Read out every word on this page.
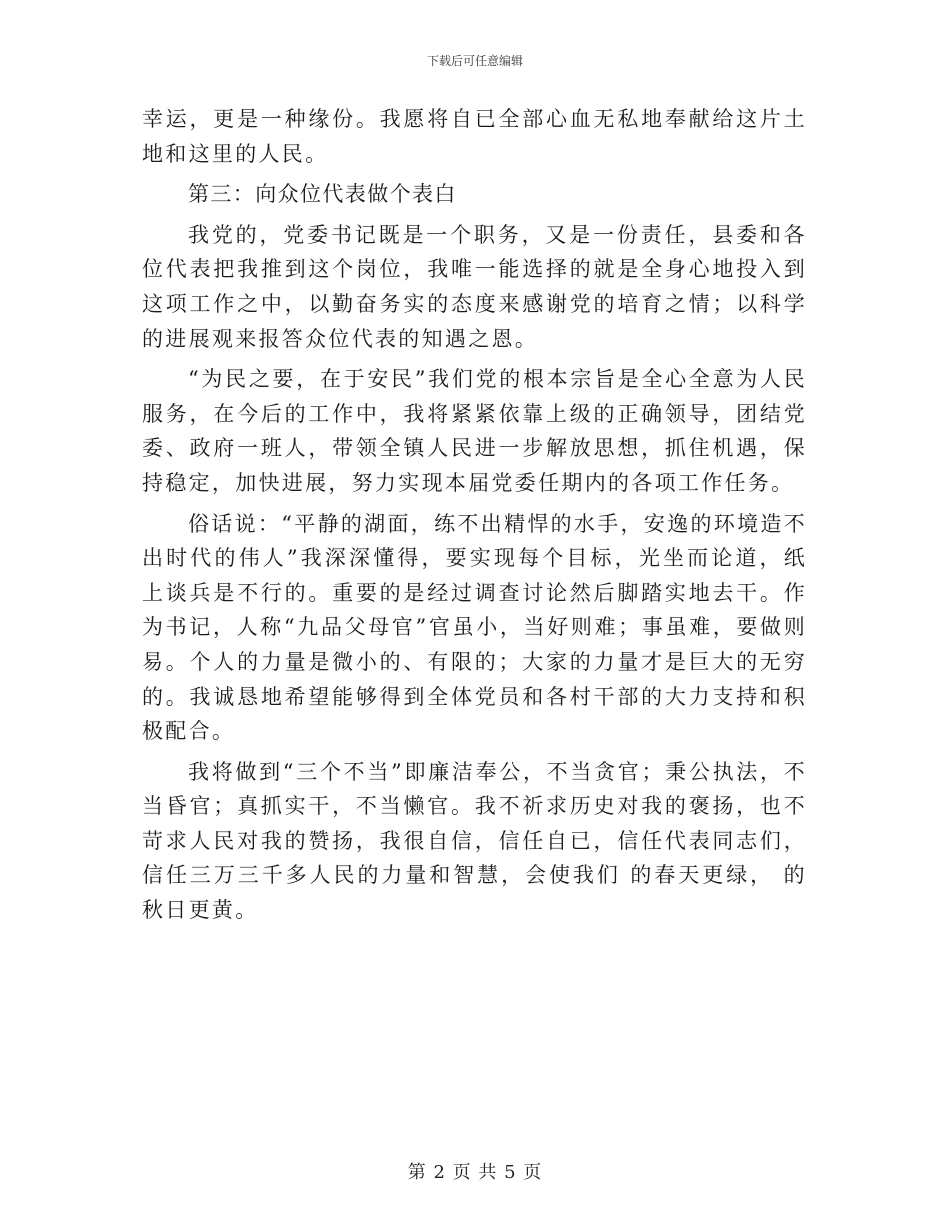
下载后可任意编辑

幸运，更是一种缘份。我愿将自已全部心血无私地奉献给这片土地和这里的人民。

第三：向众位代表做个表白

我党的，党委书记既是一个职务，又是一份责任，县委和各位代表把我推到这个岗位，我唯一能选择的就是全身心地投入到这项工作之中，以勤奋务实的态度来感谢党的培育之情；以科学的进展观来报答众位代表的知遇之恩。

“为民之要，在于安民”我们党的根本宗旨是全心全意为人民服务，在今后的工作中，我将紧紧依靠上级的正确领导，团结党委、政府一班人，带领全镇人民进一步解放思想，抓住机遇，保持稳定，加快进展，努力实现本届党委任期内的各项工作任务。

俗话说：“平静的湖面，练不出精悍的水手，安逸的环境造不出时代的伟人”我深深懂得，要实现每个目标，光坐而论道，纸上谈兵是不行的。重要的是经过调查讨论然后脚踏实地去干。作为书记，人称“九品父母官”官虽小，当好则难；事虽难，要做则易。个人的力量是微小的、有限的；大家的力量才是巨大的无穷的。我诚恳地希望能够得到全体党员和各村干部的大力支持和积极配合。

我将做到“三个不当”即廉洁奉公，不当贪官；秉公执法，不当昏官；真抓实干，不当懒官。我不祈求历史对我的褒扬，也不苛求人民对我的赞扬，我很自信，信任自已，信任代表同志们，信任三万三千多人民的力量和智慧，会使我们 的春天更绿， 的秋日更黄。

第 2 页 共 5 页
